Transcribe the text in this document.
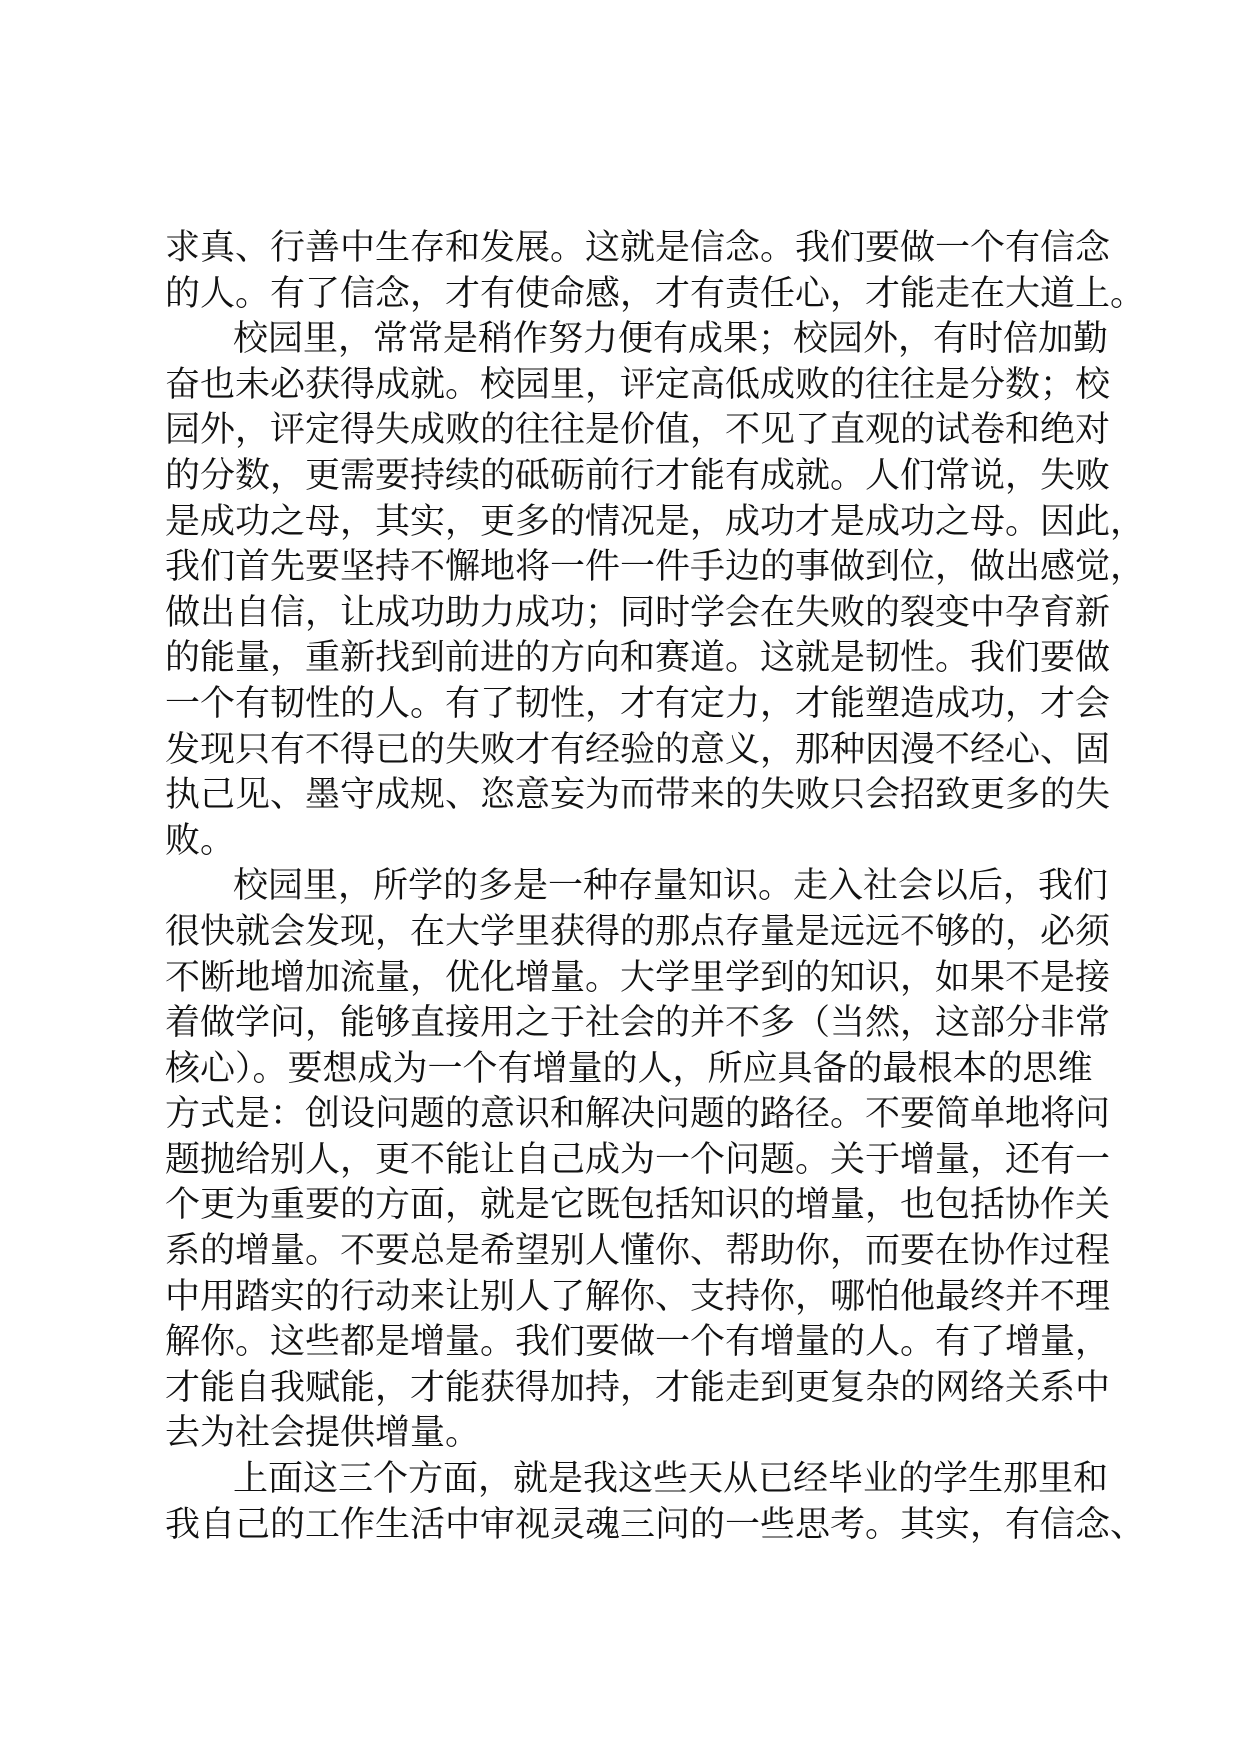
求真、行善中生存和发展。这就是信念。我们要做一个有信念

的人。有了信念，才有使命感，才有责任心，才能走在大道上。

校园里，常常是稍作努力便有成果；校园外，有时倍加勤

奋也未必获得成就。校园里，评定高低成败的往往是分数；校

园外，评定得失成败的往往是价值，不见了直观的试卷和绝对

的分数，更需要持续的砥砺前行才能有成就。人们常说，失败

是成功之母，其实，更多的情况是，成功才是成功之母。因此，

我们首先要坚持不懈地将一件一件手边的事做到位，做出感觉，

做出自信，让成功助力成功；同时学会在失败的裂变中孕育新

的能量，重新找到前进的方向和赛道。这就是韧性。我们要做

一个有韧性的人。有了韧性，才有定力，才能塑造成功，才会

发现只有不得已的失败才有经验的意义，那种因漫不经心、固

执己见、墨守成规、恣意妄为而带来的失败只会招致更多的失

败。

校园里，所学的多是一种存量知识。走入社会以后，我们

很快就会发现，在大学里获得的那点存量是远远不够的，必须

不断地增加流量，优化增量。大学里学到的知识，如果不是接

着做学问，能够直接用之于社会的并不多（当然，这部分非常

核心）。要想成为一个有增量的人，所应具备的最根本的思维

方式是：创设问题的意识和解决问题的路径。不要简单地将问

题抛给别人，更不能让自己成为一个问题。关于增量，还有一

个更为重要的方面，就是它既包括知识的增量，也包括协作关

系的增量。不要总是希望别人懂你、帮助你，而要在协作过程

中用踏实的行动来让别人了解你、支持你，哪怕他最终并不理

解你。这些都是增量。我们要做一个有增量的人。有了增量，

才能自我赋能，才能获得加持，才能走到更复杂的网络关系中

去为社会提供增量。

上面这三个方面，就是我这些天从已经毕业的学生那里和

我自己的工作生活中审视灵魂三问的一些思考。其实，有信念、
